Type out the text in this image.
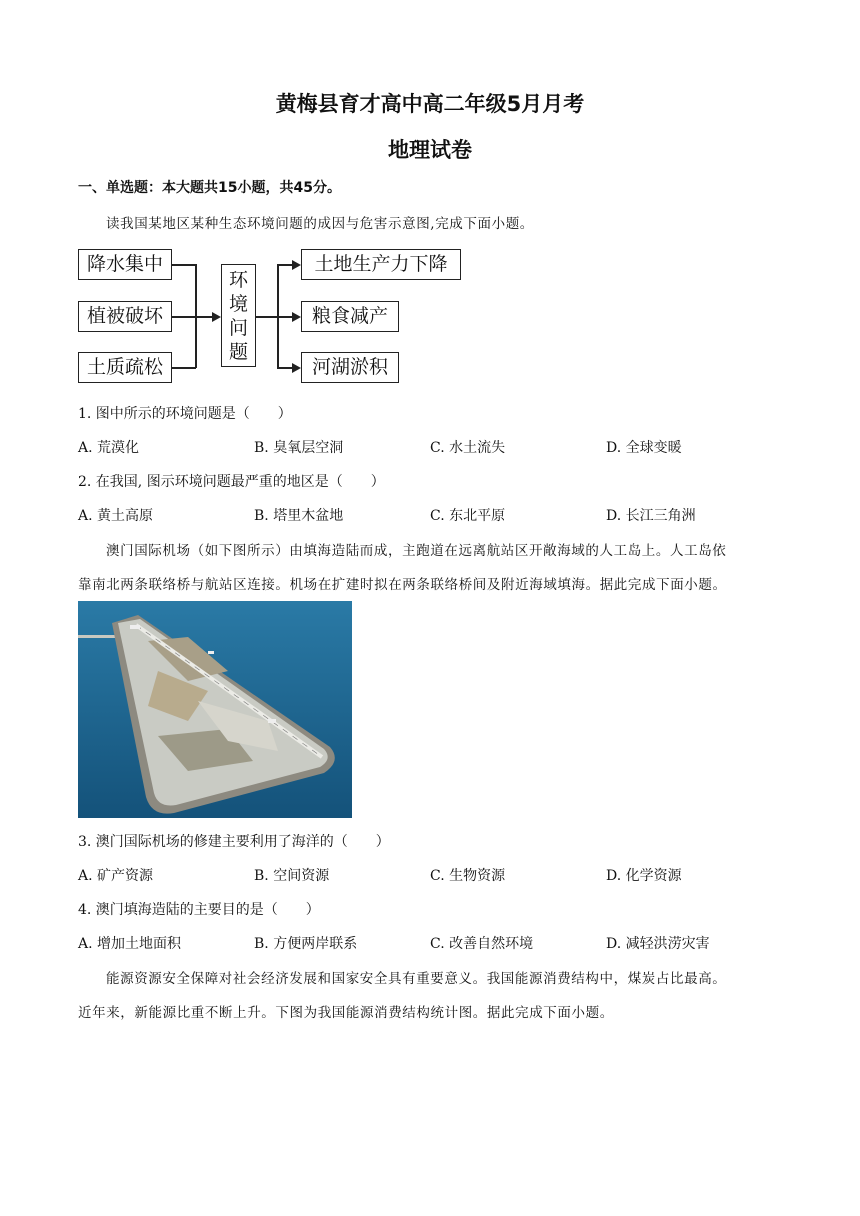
黄梅县育才高中高二年级5月月考
地理试卷
一、单选题：本大题共15小题，共45分。
读我国某地区某种生态环境问题的成因与危害示意图,完成下面小题。
降水集中
植被破坏
土质疏松
环
境
问
题
土地生产力下降
粮食减产
河湖淤积
1. 图中所示的环境问题是（　　）
A. 荒漠化	B. 臭氧层空洞	C. 水土流失	D. 全球变暖
2. 在我国, 图示环境问题最严重的地区是（　　）
A. 黄土高原	B. 塔里木盆地	C. 东北平原	D. 长江三角洲
澳门国际机场（如下图所示）由填海造陆而成，主跑道在远离航站区开敞海域的人工岛上。人工岛依
靠南北两条联络桥与航站区连接。机场在扩建时拟在两条联络桥间及附近海域填海。据此完成下面小题。
3. 澳门国际机场的修建主要利用了海洋的（　　）
A. 矿产资源	B. 空间资源	C. 生物资源	D. 化学资源
4. 澳门填海造陆的主要目的是（　　）
A. 增加土地面积	B. 方便两岸联系	C. 改善自然环境	D. 减轻洪涝灾害
能源资源安全保障对社会经济发展和国家安全具有重要意义。我国能源消费结构中，煤炭占比最高。
近年来，新能源比重不断上升。下图为我国能源消费结构统计图。据此完成下面小题。
